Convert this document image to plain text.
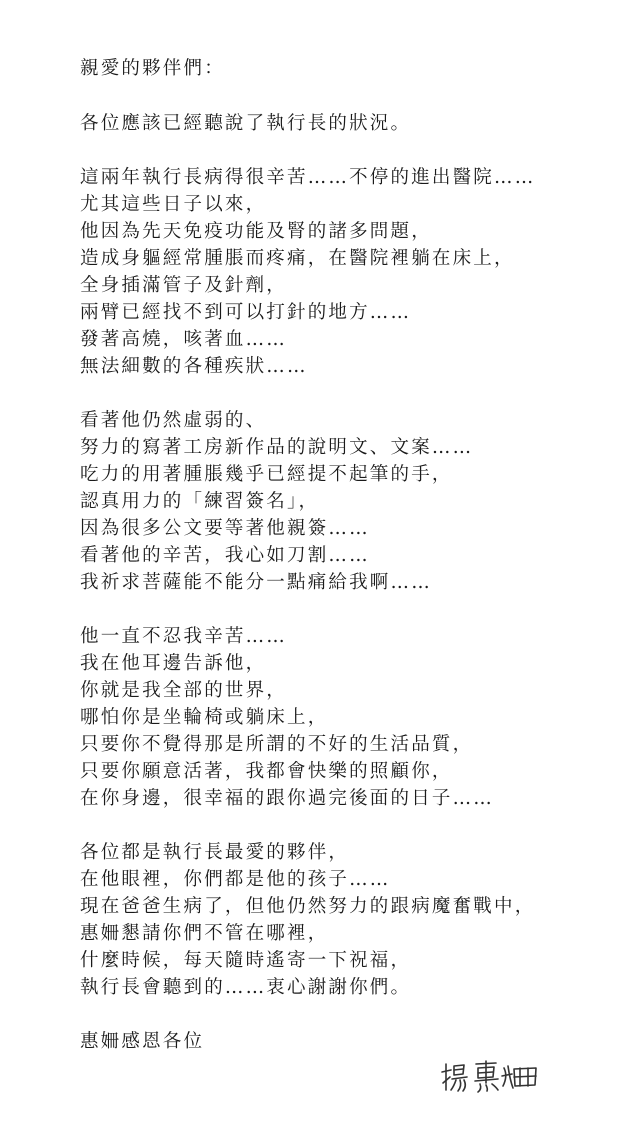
親愛的夥伴們：
各位應該已經聽說了執行長的狀況。
這兩年執行長病得很辛苦……不停的進出醫院……
尤其這些日子以來，
他因為先天免疫功能及腎的諸多問題，
造成身軀經常腫脹而疼痛，在醫院裡躺在床上，
全身插滿管子及針劑，
兩臂已經找不到可以打針的地方……
發著高燒，咳著血……
無法細數的各種疾狀……
看著他仍然虛弱的、
努力的寫著工房新作品的說明文、文案……
吃力的用著腫脹幾乎已經提不起筆的手，
認真用力的「練習簽名」，
因為很多公文要等著他親簽……
看著他的辛苦，我心如刀割……
我祈求菩薩能不能分一點痛給我啊……
他一直不忍我辛苦……
我在他耳邊告訴他，
你就是我全部的世界，
哪怕你是坐輪椅或躺床上，
只要你不覺得那是所謂的不好的生活品質，
只要你願意活著，我都會快樂的照顧你，
在你身邊，很幸福的跟你過完後面的日子……
各位都是執行長最愛的夥伴，
在他眼裡，你們都是他的孩子……
現在爸爸生病了，但他仍然努力的跟病魔奮戰中，
惠姍懇請你們不管在哪裡，
什麼時候，每天隨時遙寄一下祝福，
執行長會聽到的……衷心謝謝你們。
惠姍感恩各位
